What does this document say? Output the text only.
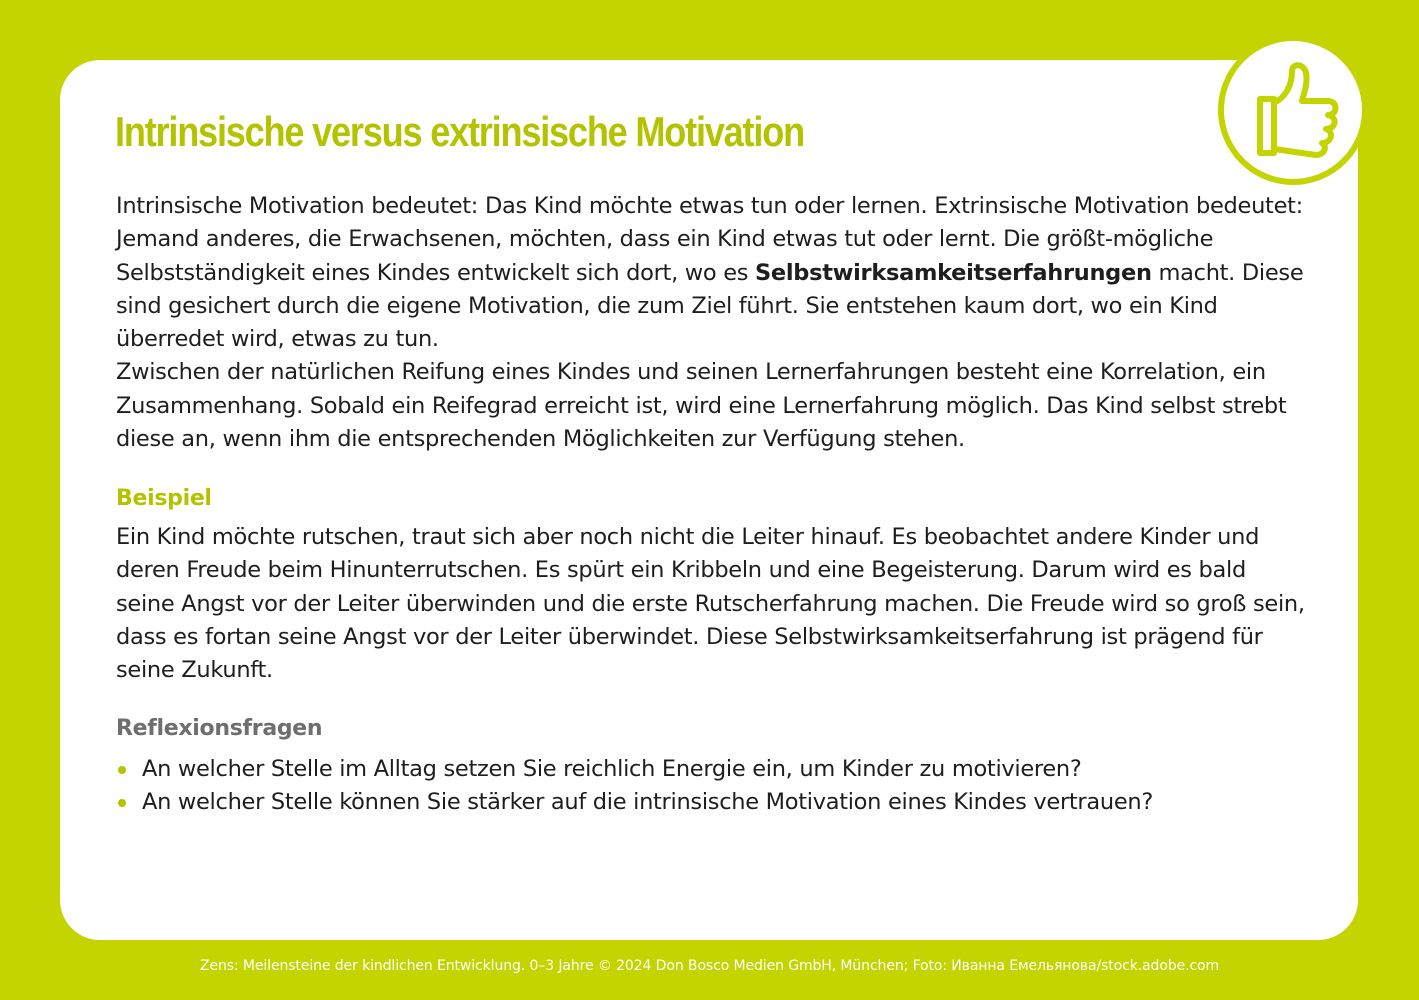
Intrinsische versus extrinsische Motivation

Intrinsische Motivation bedeutet: Das Kind möchte etwas tun oder lernen. Extrinsische Motivation bedeutet: Jemand anderes, die Erwachsenen, möchten, dass ein Kind etwas tut oder lernt. Die größt-mögliche Selbstständigkeit eines Kindes entwickelt sich dort, wo es Selbstwirksamkeitserfahrungen macht. Diese sind gesichert durch die eigene Motivation, die zum Ziel führt. Sie entstehen kaum dort, wo ein Kind überredet wird, etwas zu tun.

Zwischen der natürlichen Reifung eines Kindes und seinen Lernerfahrungen besteht eine Korrelation, ein Zusammenhang. Sobald ein Reifegrad erreicht ist, wird eine Lernerfahrung möglich. Das Kind selbst strebt diese an, wenn ihm die entsprechenden Möglichkeiten zur Verfügung stehen.

Beispiel

Ein Kind möchte rutschen, traut sich aber noch nicht die Leiter hinauf. Es beobachtet andere Kinder und deren Freude beim Hinunterrutschen. Es spürt ein Kribbeln und eine Begeisterung. Darum wird es bald seine Angst vor der Leiter überwinden und die erste Rutscherfahrung machen. Die Freude wird so groß sein, dass es fortan seine Angst vor der Leiter überwindet. Diese Selbstwirksamkeitserfahrung ist prägend für seine Zukunft.

Reflexionsfragen
An welcher Stelle im Alltag setzen Sie reichlich Energie ein, um Kinder zu motivieren?
An welcher Stelle können Sie stärker auf die intrinsische Motivation eines Kindes vertrauen?
Zens: Meilensteine der kindlichen Entwicklung. 0–3 Jahre © 2024 Don Bosco Medien GmbH, München; Foto: Иванна Емельянова/stock.adobe.com
